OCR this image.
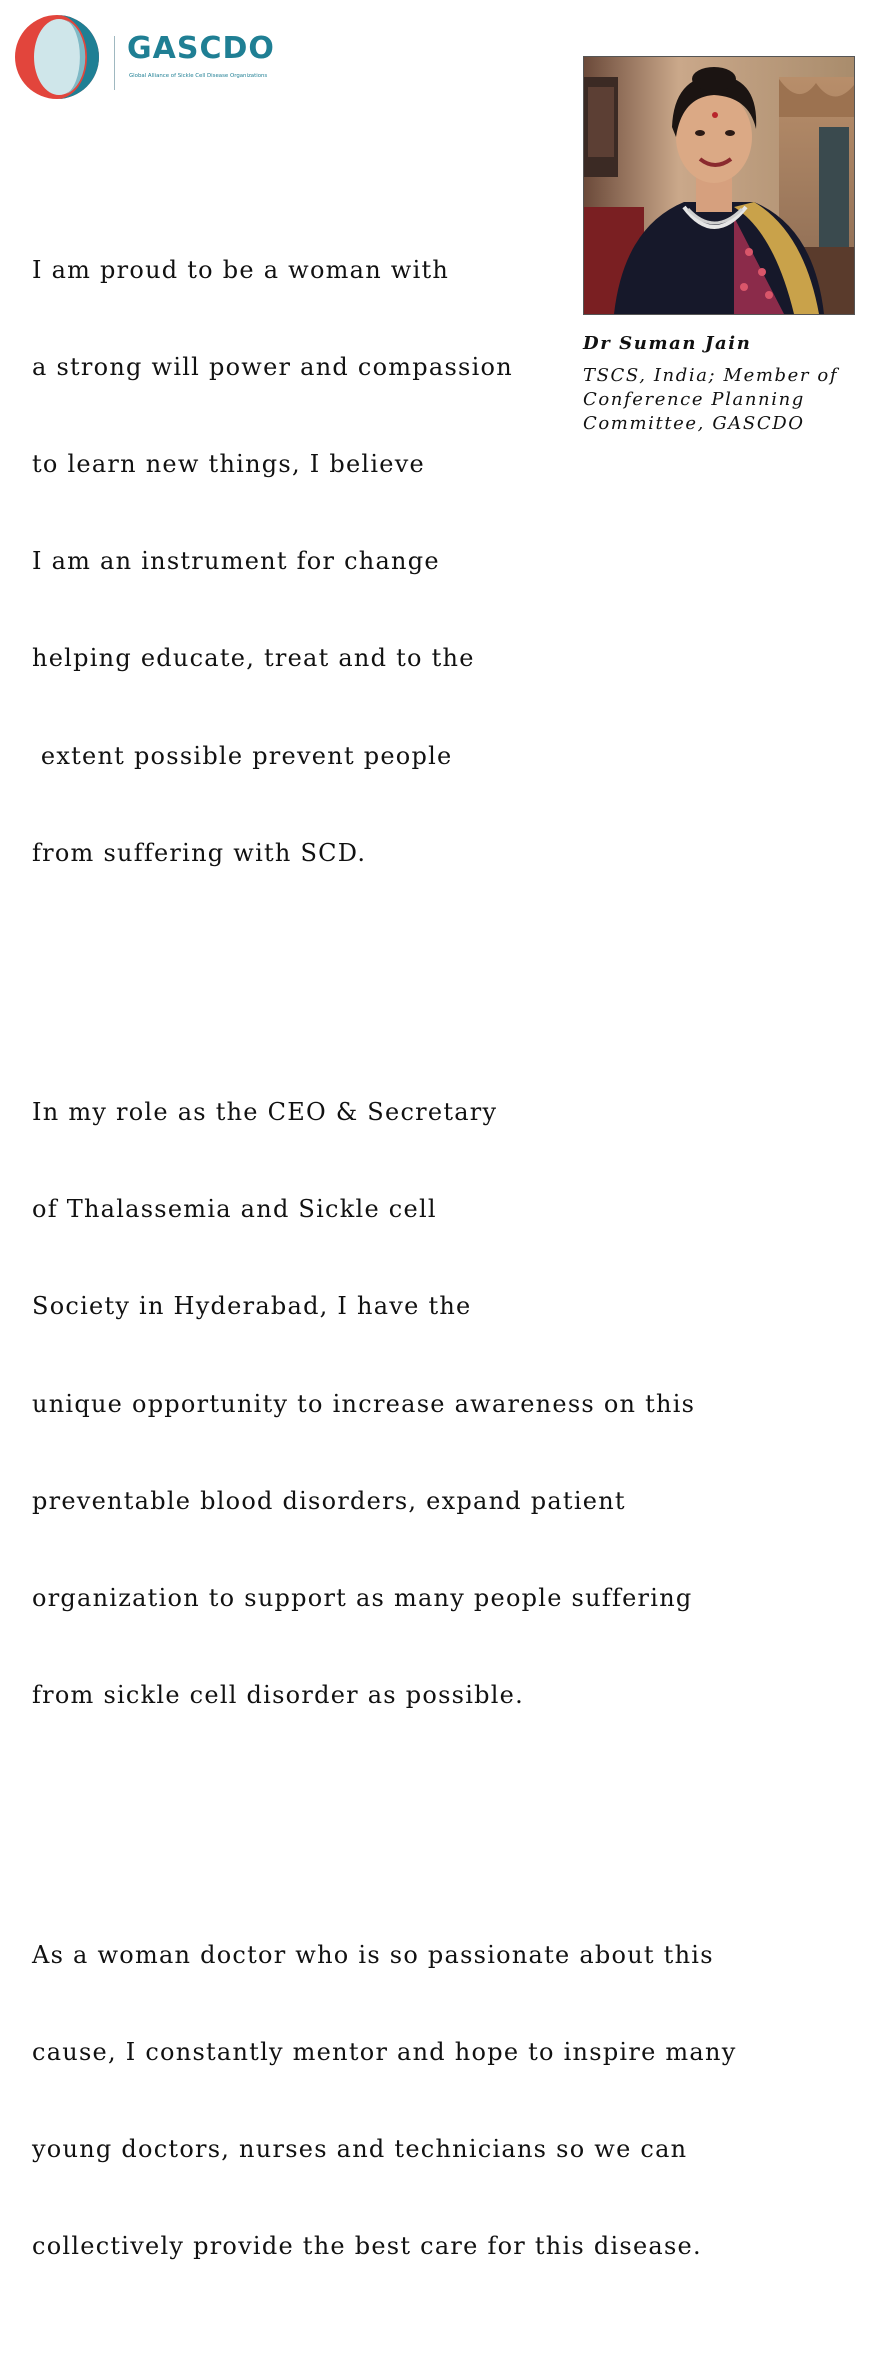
GASCDO
Global Alliance of Sickle Cell Disease Organizations
Dr Suman Jain
TSCS, India; Member of
Conference Planning
Committee, GASCDO

I am proud to be a woman with

a strong will power and compassion

to learn new things, I believe

I am an instrument for change

helping educate, treat and to the

extent possible prevent people

from suffering with SCD.

In my role as the CEO & Secretary

of Thalassemia and Sickle cell

Society in Hyderabad, I have the

unique opportunity to increase awareness on this

preventable blood disorders, expand patient

organization to support as many people suffering

from sickle cell disorder as possible.

As a woman doctor who is so passionate about this

cause, I constantly mentor and hope to inspire many

young doctors, nurses and technicians so we can

collectively provide the best care for this disease.
